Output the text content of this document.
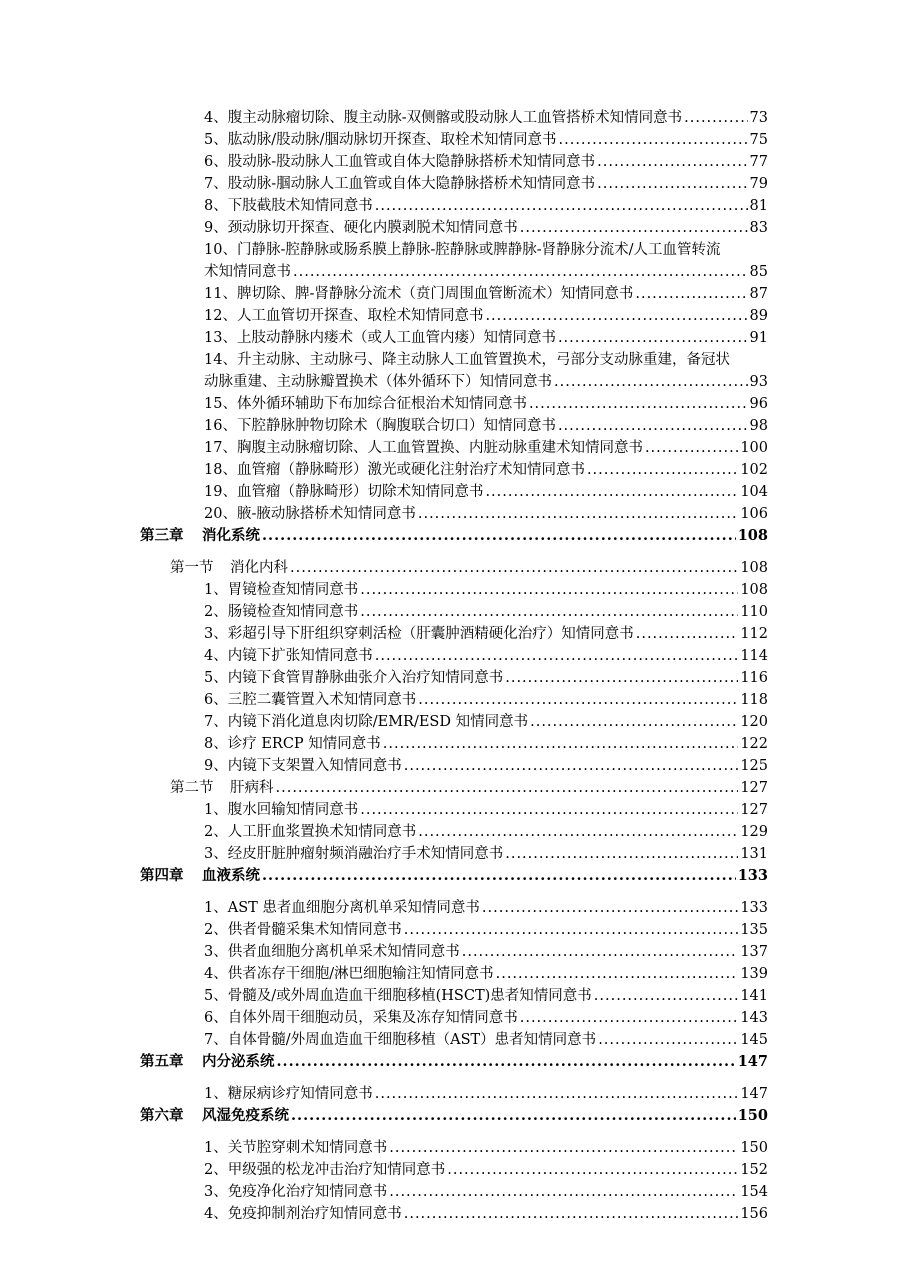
4、腹主动脉瘤切除、腹主动脉-双侧髂或股动脉人工血管搭桥术知情同意书 .....	73
5、肱动脉/股动脉/腘动脉切开探查、取栓术知情同意书 .....	75
6、股动脉-股动脉人工血管或自体大隐静脉搭桥术知情同意书 .....	77
7、股动脉-腘动脉人工血管或自体大隐静脉搭桥术知情同意书 .....	79
8、下肢截肢术知情同意书 .....	81
9、颈动脉切开探查、硬化内膜剥脱术知情同意书 .....	83
10、门静脉-腔静脉或肠系膜上静脉-腔静脉或脾静脉-肾静脉分流术/人工血管转流
术知情同意书 .....	85
11、脾切除、脾-肾静脉分流术（贲门周围血管断流术）知情同意书 .....	87
12、人工血管切开探查、取栓术知情同意书 .....	89
13、上肢动静脉内瘘术（或人工血管内瘘）知情同意书 .....	91
14、升主动脉、主动脉弓、降主动脉人工血管置换术，弓部分支动脉重建，备冠状
动脉重建、主动脉瓣置换术（体外循环下）知情同意书 .....	93
15、体外循环辅助下布加综合征根治术知情同意书 .....	96
16、下腔静脉肿物切除术（胸腹联合切口）知情同意书 .....	98
17、胸腹主动脉瘤切除、人工血管置换、内脏动脉重建术知情同意书 .....	100
18、血管瘤（静脉畸形）激光或硬化注射治疗术知情同意书 .....	102
19、血管瘤（静脉畸形）切除术知情同意书 .....	104
20、腋-腋动脉搭桥术知情同意书 .....	106
第三章 消化系统 .....	108
第一节 消化内科 .....	108
1、胃镜检查知情同意书 .....	108
2、肠镜检查知情同意书 .....	110
3、彩超引导下肝组织穿刺活检（肝囊肿酒精硬化治疗）知情同意书 .....	112
4、内镜下扩张知情同意书 .....	114
5、内镜下食管胃静脉曲张介入治疗知情同意书 .....	116
6、三腔二囊管置入术知情同意书 .....	118
7、内镜下消化道息肉切除/EMR/ESD 知情同意书 .....	120
8、诊疗 ERCP 知情同意书 .....	122
9、内镜下支架置入知情同意书 .....	125
第二节 肝病科 .....	127
1、腹水回输知情同意书 .....	127
2、人工肝血浆置换术知情同意书 .....	129
3、经皮肝脏肿瘤射频消融治疗手术知情同意书 .....	131
第四章 血液系统 .....	133
1、AST 患者血细胞分离机单采知情同意书 .....	133
2、供者骨髓采集术知情同意书 .....	135
3、供者血细胞分离机单采术知情同意书 .....	137
4、供者冻存干细胞/淋巴细胞输注知情同意书 .....	139
5、骨髓及/或外周血造血干细胞移植(HSCT)患者知情同意书 .....	141
6、自体外周干细胞动员，采集及冻存知情同意书 .....	143
7、自体骨髓/外周血造血干细胞移植（AST）患者知情同意书 .....	145
第五章 内分泌系统 .....	147
1、糖尿病诊疗知情同意书 .....	147
第六章 风湿免疫系统 .....	150
1、关节腔穿刺术知情同意书 .....	150
2、甲级强的松龙冲击治疗知情同意书 .....	152
3、免疫净化治疗知情同意书 .....	154
4、免疫抑制剂治疗知情同意书 .....	156
